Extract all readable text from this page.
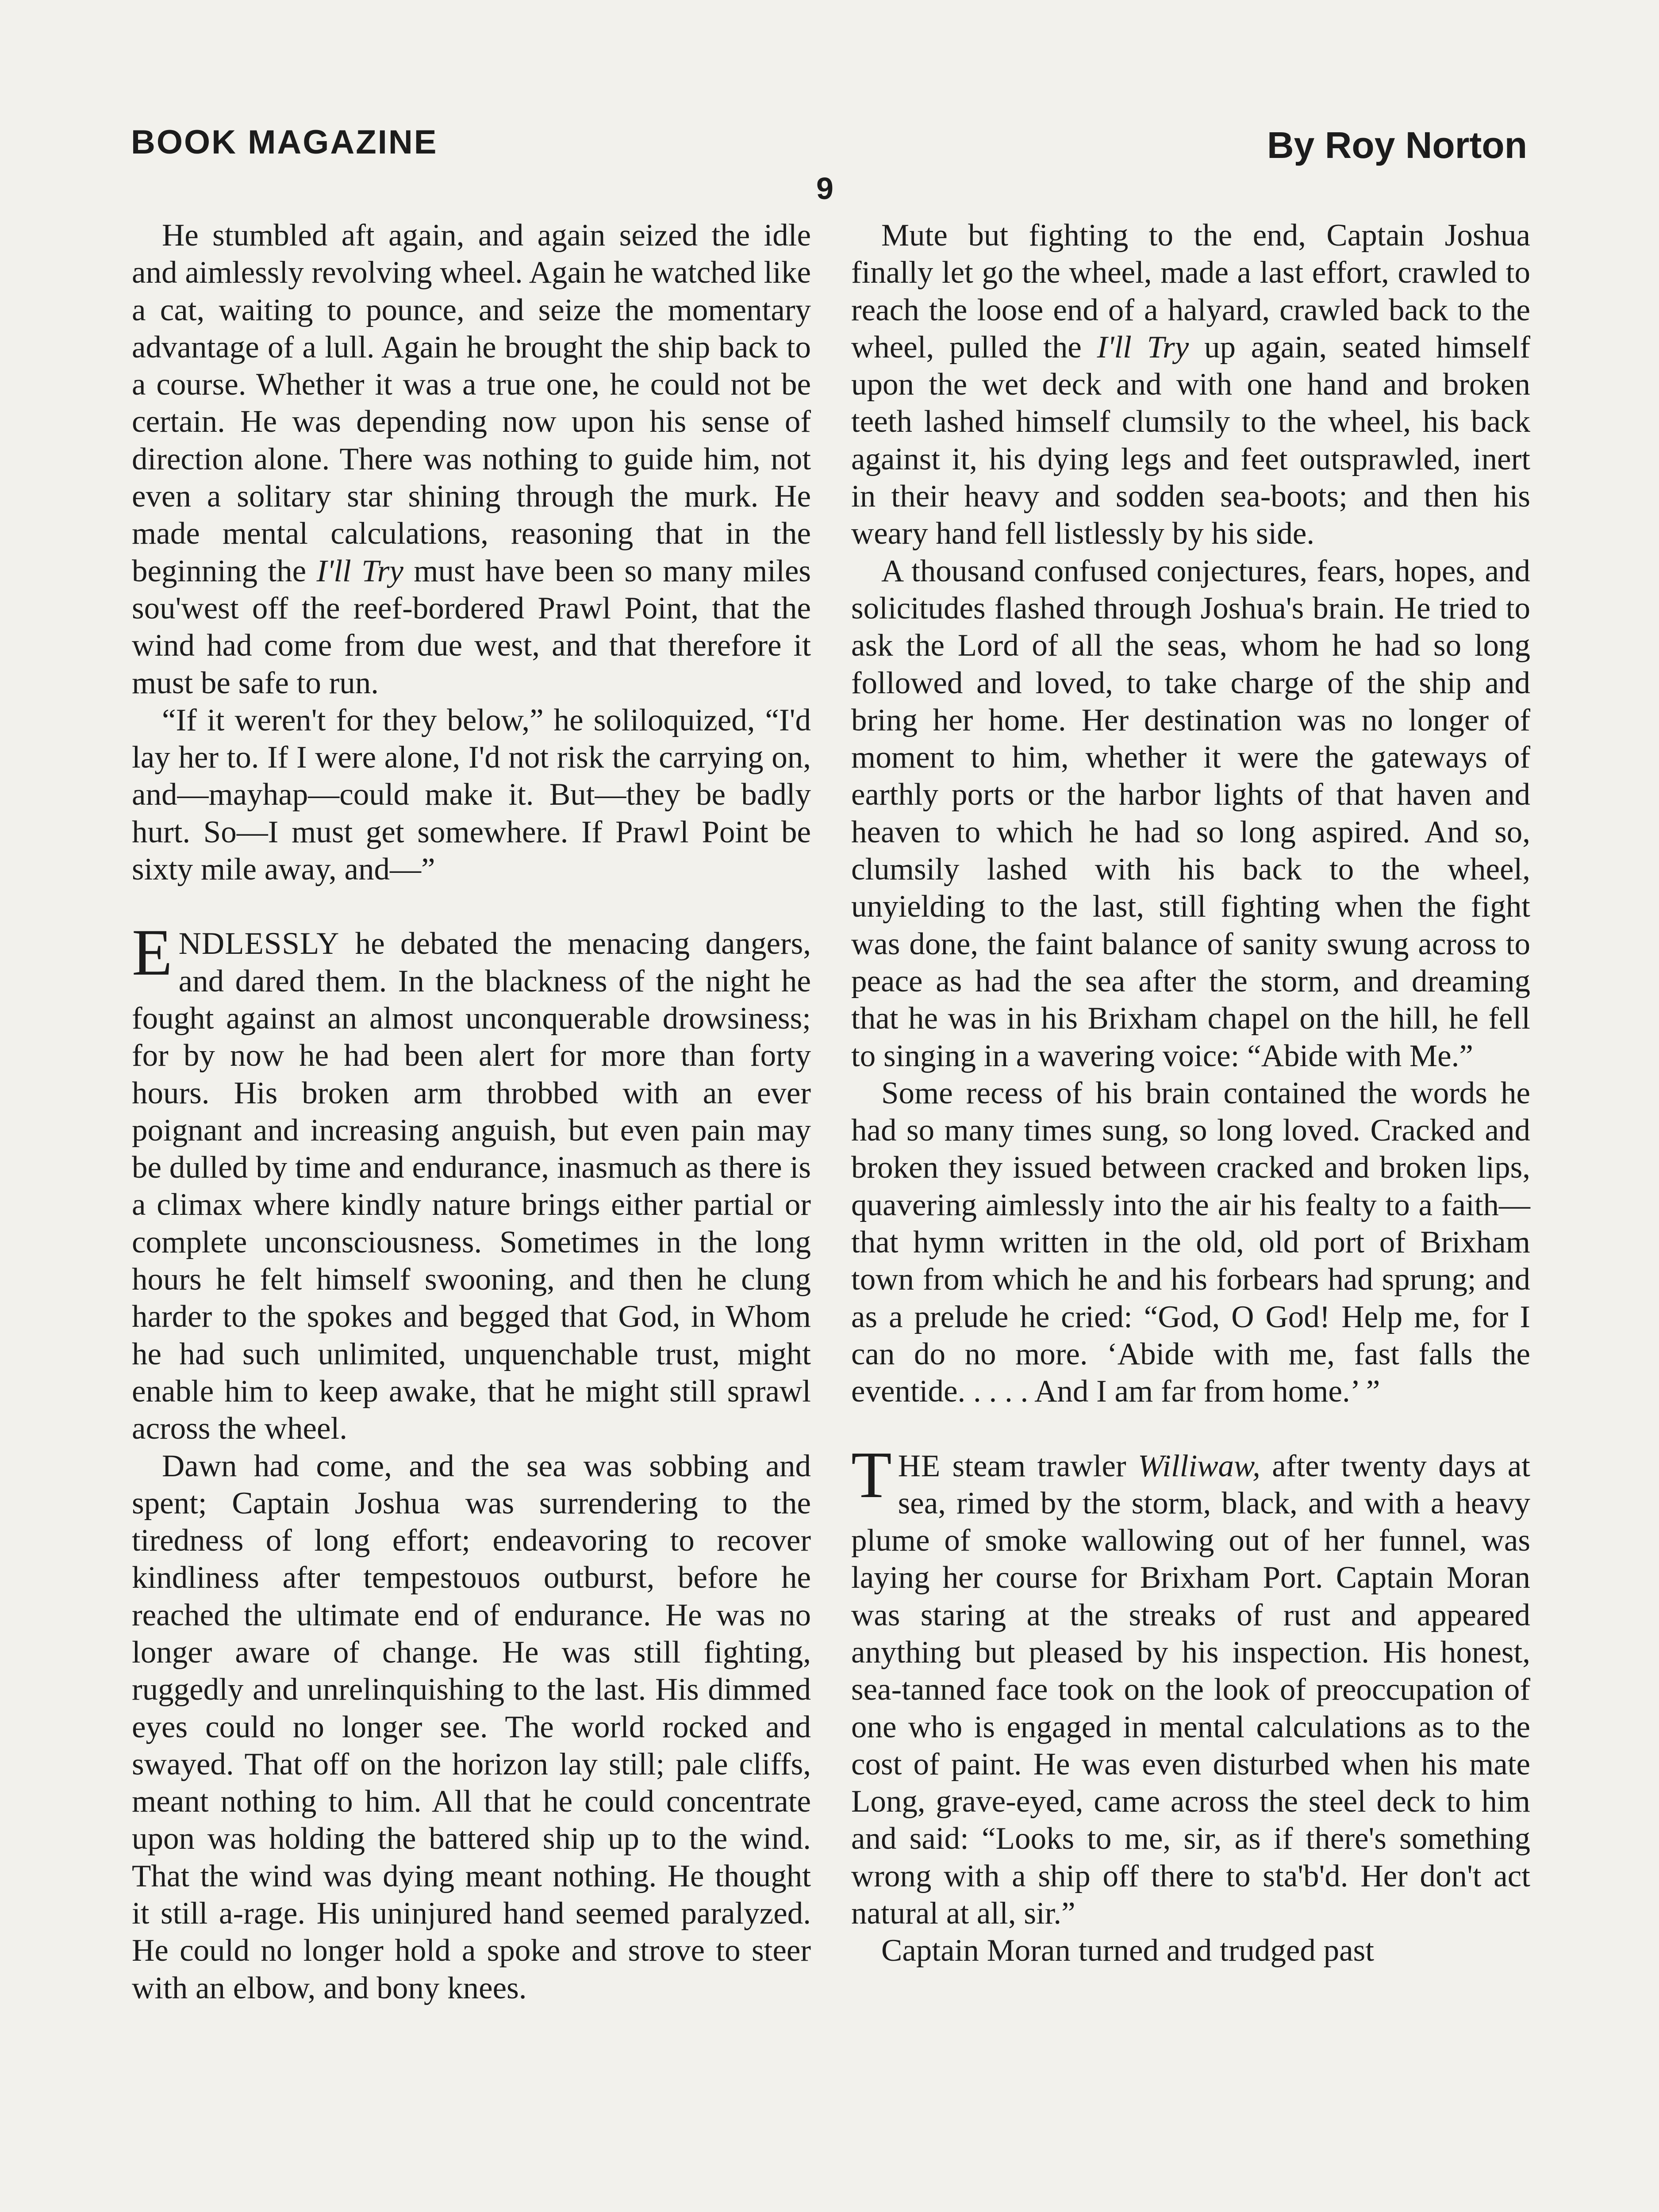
BOOK MAGAZINE	By Roy Norton
9

He stumbled aft again, and again seized the idle and aimlessly revolving wheel. Again he watched like a cat, waiting to pounce, and seize the momentary advantage of a lull. Again he brought the ship back to a course. Whether it was a true one, he could not be certain. He was depending now upon his sense of direction alone. There was nothing to guide him, not even a solitary star shining through the murk. He made mental calculations, reasoning that in the beginning the I'll Try must have been so many miles sou'west off the reef-bordered Prawl Point, that the wind had come from due west, and that therefore it must be safe to run.

“If it weren't for they below,” he soliloquized, “I'd lay her to. If I were alone, I'd not risk the carrying on, and—mayhap—could make it. But—they be badly hurt. So—I must get somewhere. If Prawl Point be sixty mile away, and—”

ENDLESSLY he debated the menacing dangers, and dared them. In the blackness of the night he fought against an almost unconquerable drowsiness; for by now he had been alert for more than forty hours. His broken arm throbbed with an ever poignant and increasing anguish, but even pain may be dulled by time and endurance, inasmuch as there is a climax where kindly nature brings either partial or complete unconsciousness. Sometimes in the long hours he felt himself swooning, and then he clung harder to the spokes and begged that God, in Whom he had such unlimited, unquenchable trust, might enable him to keep awake, that he might still sprawl across the wheel.

Dawn had come, and the sea was sobbing and spent; Captain Joshua was surrendering to the tiredness of long effort; endeavoring to recover kindliness after tempestouos outburst, before he reached the ultimate end of endurance. He was no longer aware of change. He was still fighting, ruggedly and unrelinquishing to the last. His dimmed eyes could no longer see. The world rocked and swayed. That off on the horizon lay still; pale cliffs, meant nothing to him. All that he could concentrate upon was holding the battered ship up to the wind. That the wind was dying meant nothing. He thought it still a-rage. His uninjured hand seemed paralyzed. He could no longer hold a spoke and strove to steer with an elbow, and bony knees.

Mute but fighting to the end, Captain Joshua finally let go the wheel, made a last effort, crawled to reach the loose end of a halyard, crawled back to the wheel, pulled the I'll Try up again, seated himself upon the wet deck and with one hand and broken teeth lashed himself clumsily to the wheel, his back against it, his dying legs and feet outsprawled, inert in their heavy and sodden sea-boots; and then his weary hand fell listlessly by his side.

A thousand confused conjectures, fears, hopes, and solicitudes flashed through Joshua's brain. He tried to ask the Lord of all the seas, whom he had so long followed and loved, to take charge of the ship and bring her home. Her destination was no longer of moment to him, whether it were the gateways of earthly ports or the harbor lights of that haven and heaven to which he had so long aspired. And so, clumsily lashed with his back to the wheel, unyielding to the last, still fighting when the fight was done, the faint balance of sanity swung across to peace as had the sea after the storm, and dreaming that he was in his Brixham chapel on the hill, he fell to singing in a wavering voice: “Abide with Me.”

Some recess of his brain contained the words he had so many times sung, so long loved. Cracked and broken they issued between cracked and broken lips, quavering aimlessly into the air his fealty to a faith—that hymn written in the old, old port of Brixham town from which he and his forbears had sprung; and as a prelude he cried: “God, O God! Help me, for I can do no more. ‘Abide with me, fast falls the eventide. . . . . And I am far from home.’ ”

THE steam trawler Williwaw, after twenty days at sea, rimed by the storm, black, and with a heavy plume of smoke wallowing out of her funnel, was laying her course for Brixham Port. Captain Moran was staring at the streaks of rust and appeared anything but pleased by his inspection. His honest, sea-tanned face took on the look of preoccupation of one who is engaged in mental calculations as to the cost of paint. He was even disturbed when his mate Long, grave-eyed, came across the steel deck to him and said: “Looks to me, sir, as if there's something wrong with a ship off there to sta'b'd. Her don't act natural at all, sir.”

Captain Moran turned and trudged past
